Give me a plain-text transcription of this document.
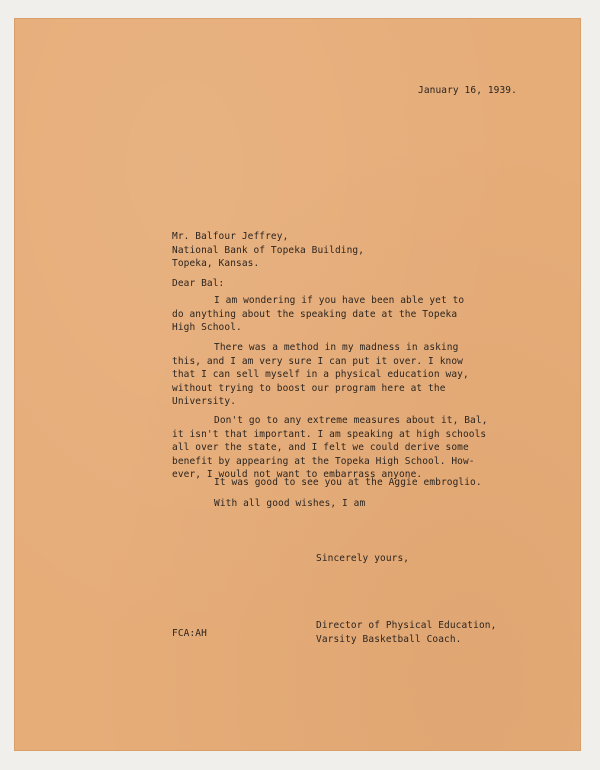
January 16, 1939.
Mr. Balfour Jeffrey,
National Bank of Topeka Building,
Topeka, Kansas.
Dear Bal:
I am wondering if you have been able yet to
do anything about the speaking date at the Topeka
High School.
There was a method in my madness in asking
this, and I am very sure I can put it over. I know
that I can sell myself in a physical education way,
without trying to boost our program here at the
University.
Don't go to any extreme measures about it, Bal,
it isn't that important. I am speaking at high schools
all over the state, and I felt we could derive some
benefit by appearing at the Topeka High School. How-
ever, I would not want to embarrass anyone.
It was good to see you at the Aggie embroglio.
With all good wishes, I am
Sincerely yours,
FCA:AH
Director of Physical Education,
Varsity Basketball Coach.
